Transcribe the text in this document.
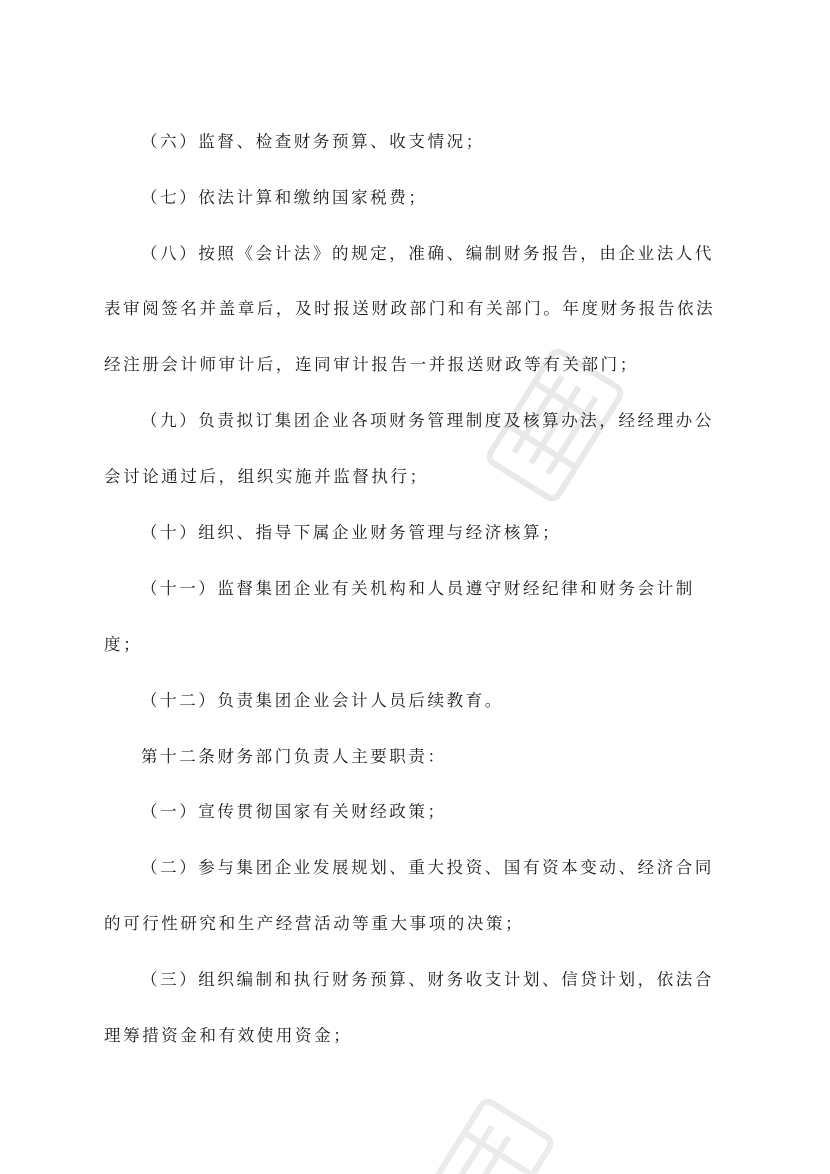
（六）监督、检查财务预算、收支情况；
（七）依法计算和缴纳国家税费；
（八）按照《会计法》的规定，准确、编制财务报告，由企业法人代
表审阅签名并盖章后，及时报送财政部门和有关部门。年度财务报告依法
经注册会计师审计后，连同审计报告一并报送财政等有关部门；
（九）负责拟订集团企业各项财务管理制度及核算办法，经经理办公
会讨论通过后，组织实施并监督执行；
（十）组织、指导下属企业财务管理与经济核算；
（十一）监督集团企业有关机构和人员遵守财经纪律和财务会计制
度；
（十二）负责集团企业会计人员后续教育。
第十二条财务部门负责人主要职责：
（一）宣传贯彻国家有关财经政策；
（二）参与集团企业发展规划、重大投资、国有资本变动、经济合同
的可行性研究和生产经营活动等重大事项的决策；
（三）组织编制和执行财务预算、财务收支计划、信贷计划，依法合
理筹措资金和有效使用资金；
